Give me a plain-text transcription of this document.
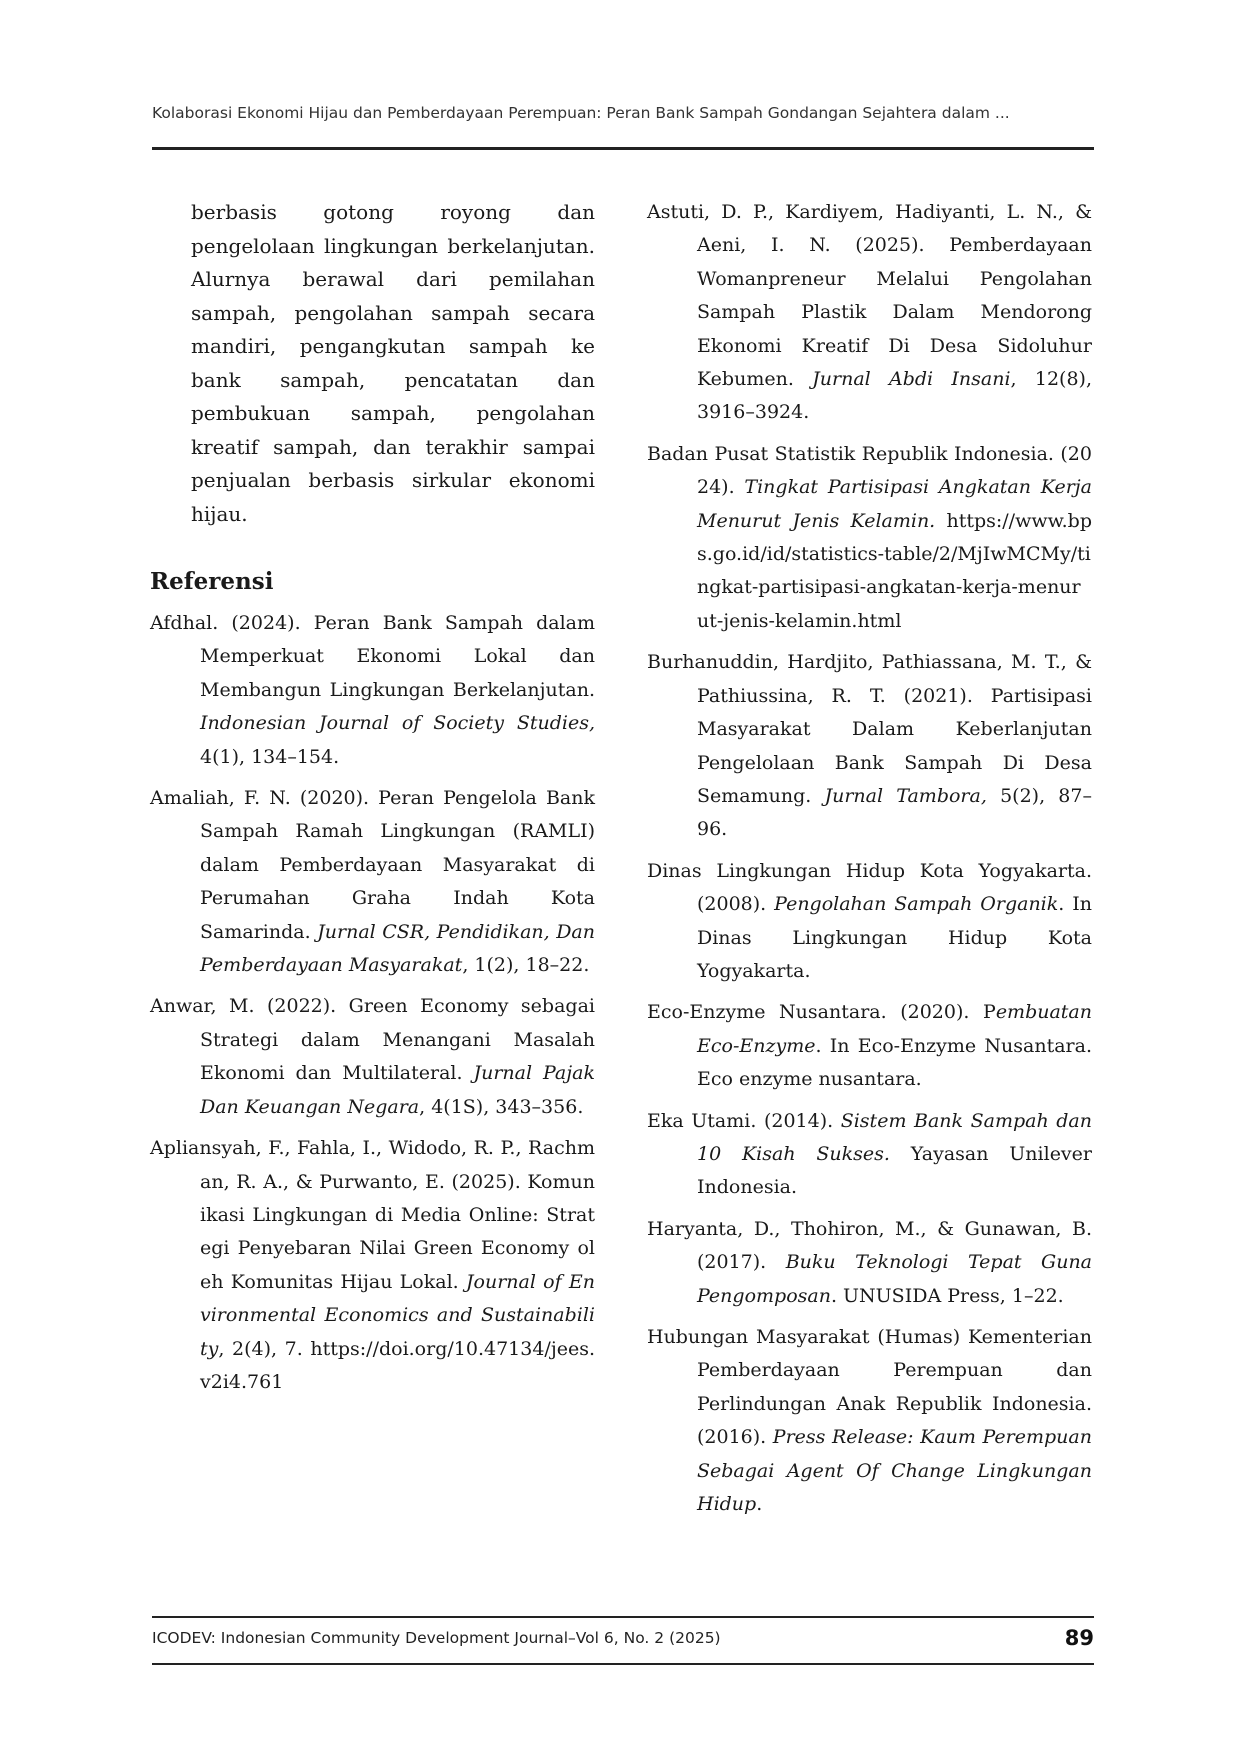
Kolaborasi Ekonomi Hijau dan Pemberdayaan Perempuan: Peran Bank Sampah Gondangan Sejahtera dalam ...

berbasis gotong royong dan pengelolaan lingkungan berkelanjutan. Alurnya berawal dari pemilahan sampah, pengolahan sampah secara mandiri, pengangkutan sampah ke bank sampah, pencatatan dan pembukuan sampah, pengolahan kreatif sampah, dan terakhir sampai penjualan berbasis sirkular ekonomi hijau.

Referensi

Afdhal. (2024). Peran Bank Sampah dalam Memperkuat Ekonomi Lokal dan Membangun Lingkungan Berkelanjutan. Indonesian Journal of Society Studies, 4(1), 134–154.

Amaliah, F. N. (2020). Peran Pengelola Bank Sampah Ramah Lingkungan (RAMLI) dalam Pemberdayaan Masyarakat di Perumahan Graha Indah Kota Samarinda. Jurnal CSR, Pendidikan, Dan Pemberdayaan Masyarakat, 1(2), 18–22.

Anwar, M. (2022). Green Economy sebagai Strategi dalam Menangani Masalah Ekonomi dan Multilateral. Jurnal Pajak Dan Keuangan Negara, 4(1S), 343–356.

Apliansyah, F., Fahla, I., Widodo, R. P., Rachman, R. A., & Purwanto, E. (2025). Komunikasi Lingkungan di Media Online: Strategi Penyebaran Nilai Green Economy oleh Komunitas Hijau Lokal. Journal of Environmental Economics and Sustainability, 2(4), 7. https://doi.org/10.47134/jees.v2i4.761

Astuti, D. P., Kardiyem, Hadiyanti, L. N., & Aeni, I. N. (2025). Pemberdayaan Womanpreneur Melalui Pengolahan Sampah Plastik Dalam Mendorong Ekonomi Kreatif Di Desa Sidoluhur Kebumen. Jurnal Abdi Insani, 12(8), 3916–3924.

Badan Pusat Statistik Republik Indonesia. (2024). Tingkat Partisipasi Angkatan Kerja Menurut Jenis Kelamin. https://www.bps.go.id/id/statistics-table/2/MjIwMCMy/tingkat-partisipasi-angkatan-kerja-menurut-jenis-kelamin.html

Burhanuddin, Hardjito, Pathiassana, M. T., & Pathiussina, R. T. (2021). Partisipasi Masyarakat Dalam Keberlanjutan Pengelolaan Bank Sampah Di Desa Semamung. Jurnal Tambora, 5(2), 87–96.

Dinas Lingkungan Hidup Kota Yogyakarta. (2008). Pengolahan Sampah Organik. In Dinas Lingkungan Hidup Kota Yogyakarta.

Eco-Enzyme Nusantara. (2020). Pembuatan Eco-Enzyme. In Eco-Enzyme Nusantara. Eco enzyme nusantara.

Eka Utami. (2014). Sistem Bank Sampah dan 10 Kisah Sukses. Yayasan Unilever Indonesia.

Haryanta, D., Thohiron, M., & Gunawan, B. (2017). Buku Teknologi Tepat Guna Pengomposan. UNUSIDA Press, 1–22.

Hubungan Masyarakat (Humas) Kementerian Pemberdayaan Perempuan dan Perlindungan Anak Republik Indonesia. (2016). Press Release: Kaum Perempuan Sebagai Agent Of Change Lingkungan Hidup.

ICODEV: Indonesian Community Development Journal–Vol 6, No. 2 (2025)	89
